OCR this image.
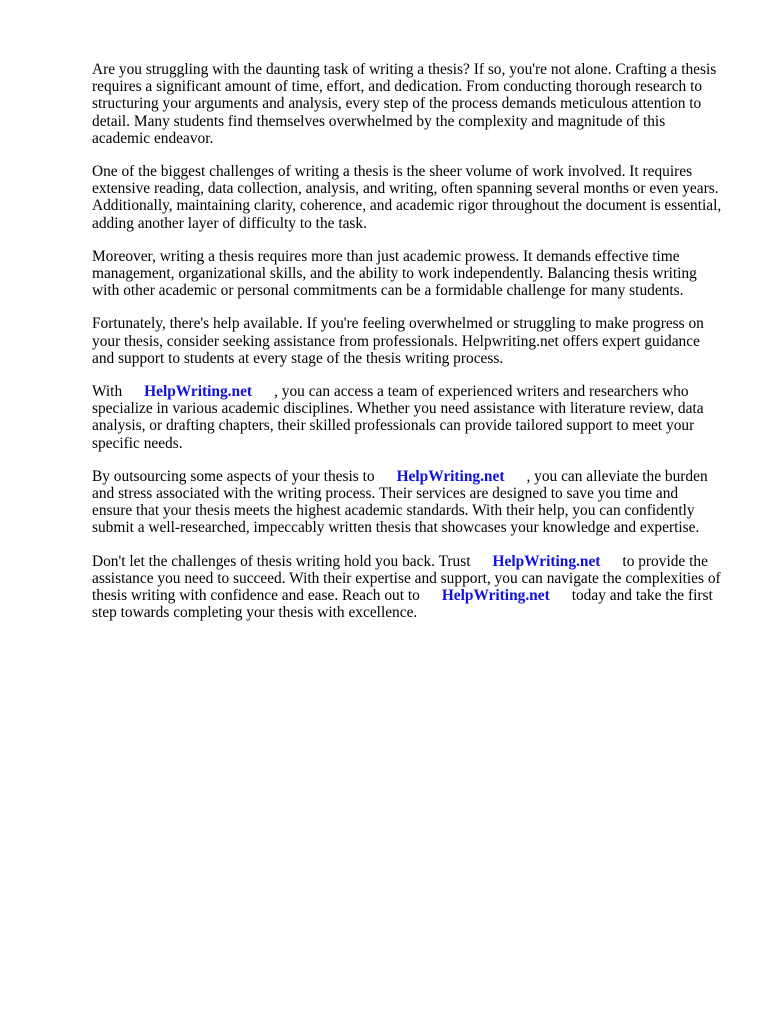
Are you struggling with the daunting task of writing a thesis? If so, you're not alone. Crafting a thesis requires a significant amount of time, effort, and dedication. From conducting thorough research to structuring your arguments and analysis, every step of the process demands meticulous attention to detail. Many students find themselves overwhelmed by the complexity and magnitude of this academic endeavor.

One of the biggest challenges of writing a thesis is the sheer volume of work involved. It requires extensive reading, data collection, analysis, and writing, often spanning several months or even years. Additionally, maintaining clarity, coherence, and academic rigor throughout the document is essential, adding another layer of difficulty to the task.

Moreover, writing a thesis requires more than just academic prowess. It demands effective time management, organizational skills, and the ability to work independently. Balancing thesis writing with other academic or personal commitments can be a formidable challenge for many students.

Fortunately, there's help available. If you're feeling overwhelmed or struggling to make progress on your thesis, consider seeking assistance from professionals. Helpwriting.net offers expert guidance and support to students at every stage of the thesis writing process.

With HelpWriting.net , you can access a team of experienced writers and researchers who specialize in various academic disciplines. Whether you need assistance with literature review, data analysis, or drafting chapters, their skilled professionals can provide tailored support to meet your specific needs.

By outsourcing some aspects of your thesis to HelpWriting.net , you can alleviate the burden and stress associated with the writing process. Their services are designed to save you time and ensure that your thesis meets the highest academic standards. With their help, you can confidently submit a well-researched, impeccably written thesis that showcases your knowledge and expertise.

Don't let the challenges of thesis writing hold you back. Trust HelpWriting.net to provide the assistance you need to succeed. With their expertise and support, you can navigate the complexities of thesis writing with confidence and ease. Reach out to HelpWriting.net today and take the first step towards completing your thesis with excellence.
